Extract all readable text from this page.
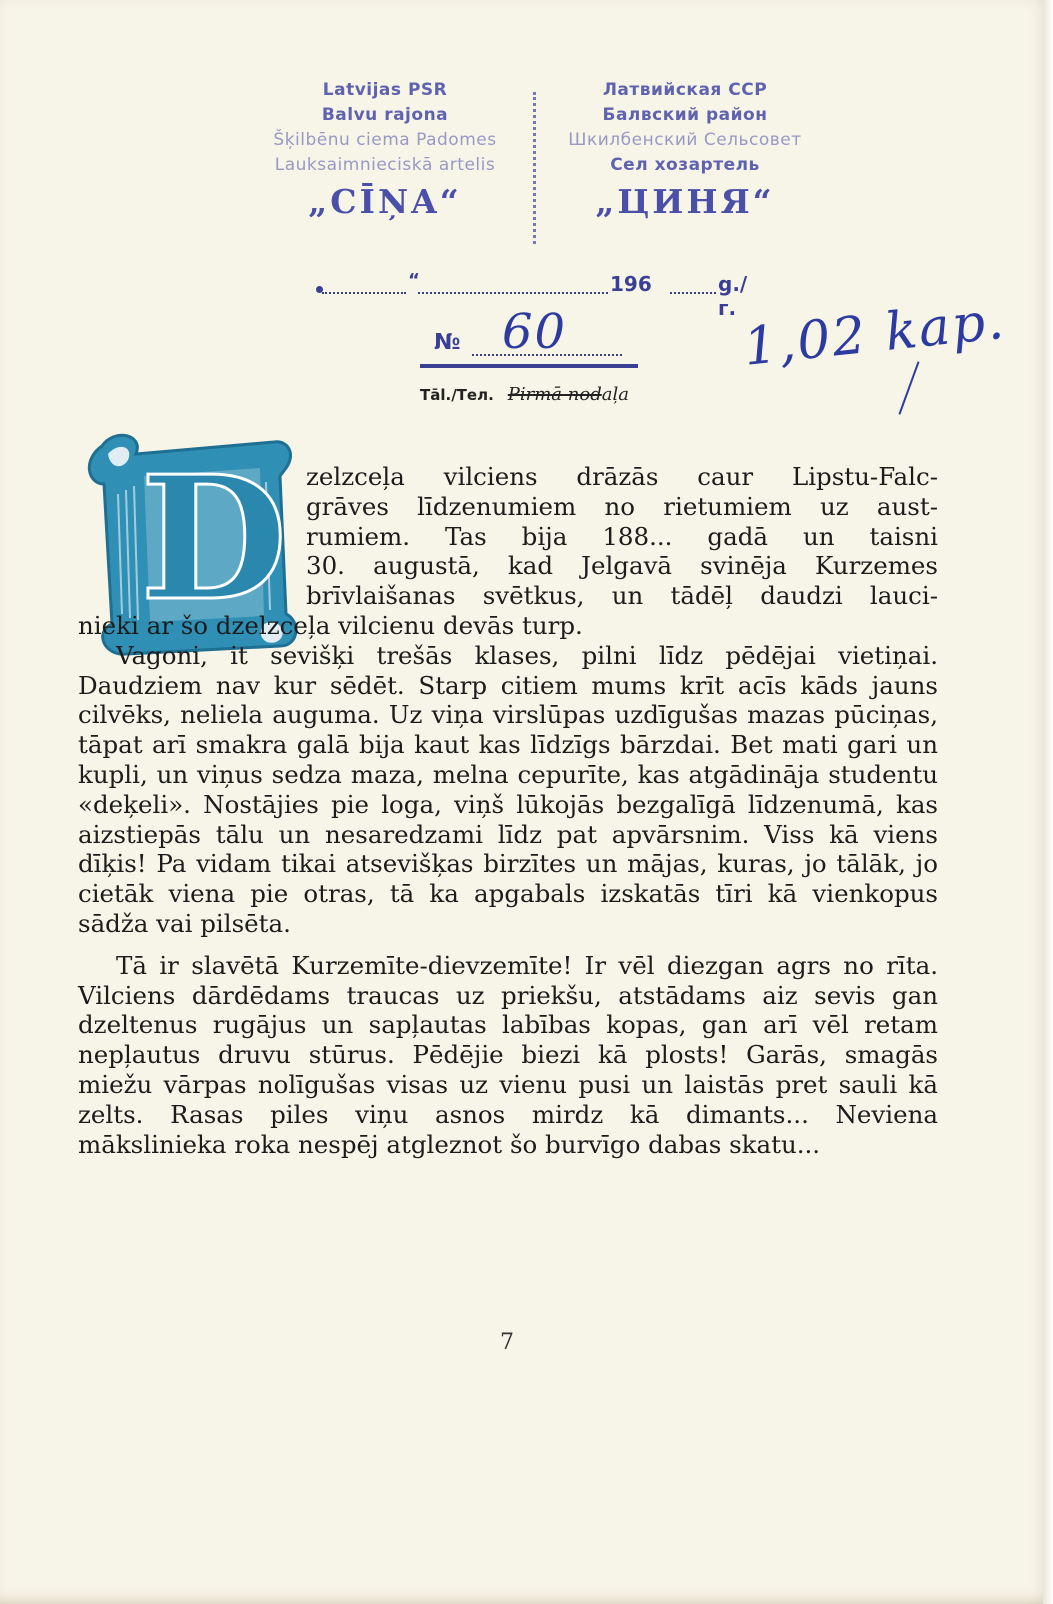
Latvijas PSR
Balvu rajona
Šķilbēnu ciema Padomes
Lauksaimnieciskā artelis
„CĪŅA“
Латвийская ССР
Балвский район
Шкилбенский Сельсовет
Сел хозартель
„ЦИНЯ“
“	196	g./г.
№ 60	1,02 kap.
Tāl./Тел. Pirmā nodaļa
D zelzceļa vilciens drāzās caur Lipstu-Falc-
grāves līdzenumiem no rietumiem uz aust-
rumiem. Tas bija 188... gadā un taisni
30. augustā, kad Jelgavā svinēja Kurzemes
brīvlaišanas svētkus, un tādēļ daudzi lauci-
nieki ar šo dzelzceļa vilcienu devās turp.

Vagoni, it sevišķi trešās klases, pilni līdz pēdējai vietiņai. Daudziem nav kur sēdēt. Starp citiem mums krīt acīs kāds jauns cilvēks, neliela auguma. Uz viņa virslūpas uzdīgušas mazas pūciņas, tāpat arī smakra galā bija kaut kas līdzīgs bārzdai. Bet mati gari un kupli, un viņus sedza maza, melna cepurīte, kas atgādināja studentu «deķeli». Nostājies pie loga, viņš lūkojās bezgalīgā līdzenumā, kas aizstiepās tālu un nesaredzami līdz pat apvārsnim. Viss kā viens dīķis! Pa vidam tikai atsevišķas birzītes un mājas, kuras, jo tālāk, jo cietāk viena pie otras, tā ka apgabals izskatās tīri kā vienkopus sādža vai pilsēta.

Tā ir slavētā Kurzemīte-dievzemīte! Ir vēl diezgan agrs no rīta. Vilciens dārdēdams traucas uz priekšu, atstādams aiz sevis gan dzeltenus rugājus un sapļautas labības kopas, gan arī vēl retam nepļautus druvu stūrus. Pēdējie biezi kā plosts! Garās, smagās miežu vārpas nolīgušas visas uz vienu pusi un laistās pret sauli kā zelts. Rasas piles viņu asnos mirdz kā dimants... Neviena mākslinieka roka nespēj atgleznot šo burvīgo dabas skatu...

7
